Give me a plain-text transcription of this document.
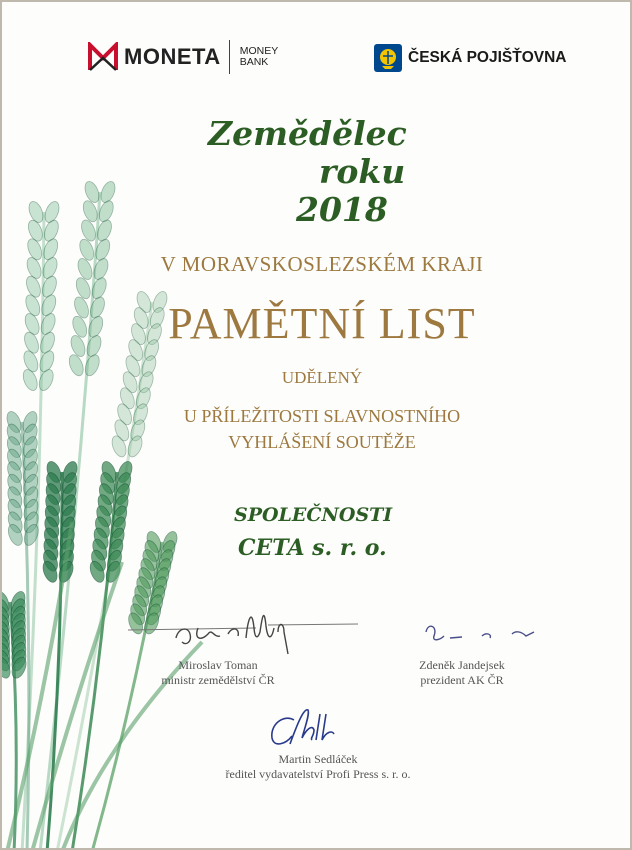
MONETA MONEY
BANK	ČESKÁ POJIŠŤOVNA
Zemědělec
roku
2018
V MORAVSKOSLEZSKÉM KRAJI
PAMĚTNÍ LIST
UDĚLENÝ
U PŘÍLEŽITOSTI SLAVNOSTNÍHO
VYHLÁŠENÍ SOUTĚŽE
SPOLEČNOSTI
CETA s. r. o.
Miroslav Toman
ministr zemědělství ČR
Zdeněk Jandejsek
prezident AK ČR
Martin Sedláček
ředitel vydavatelství Profi Press s. r. o.
